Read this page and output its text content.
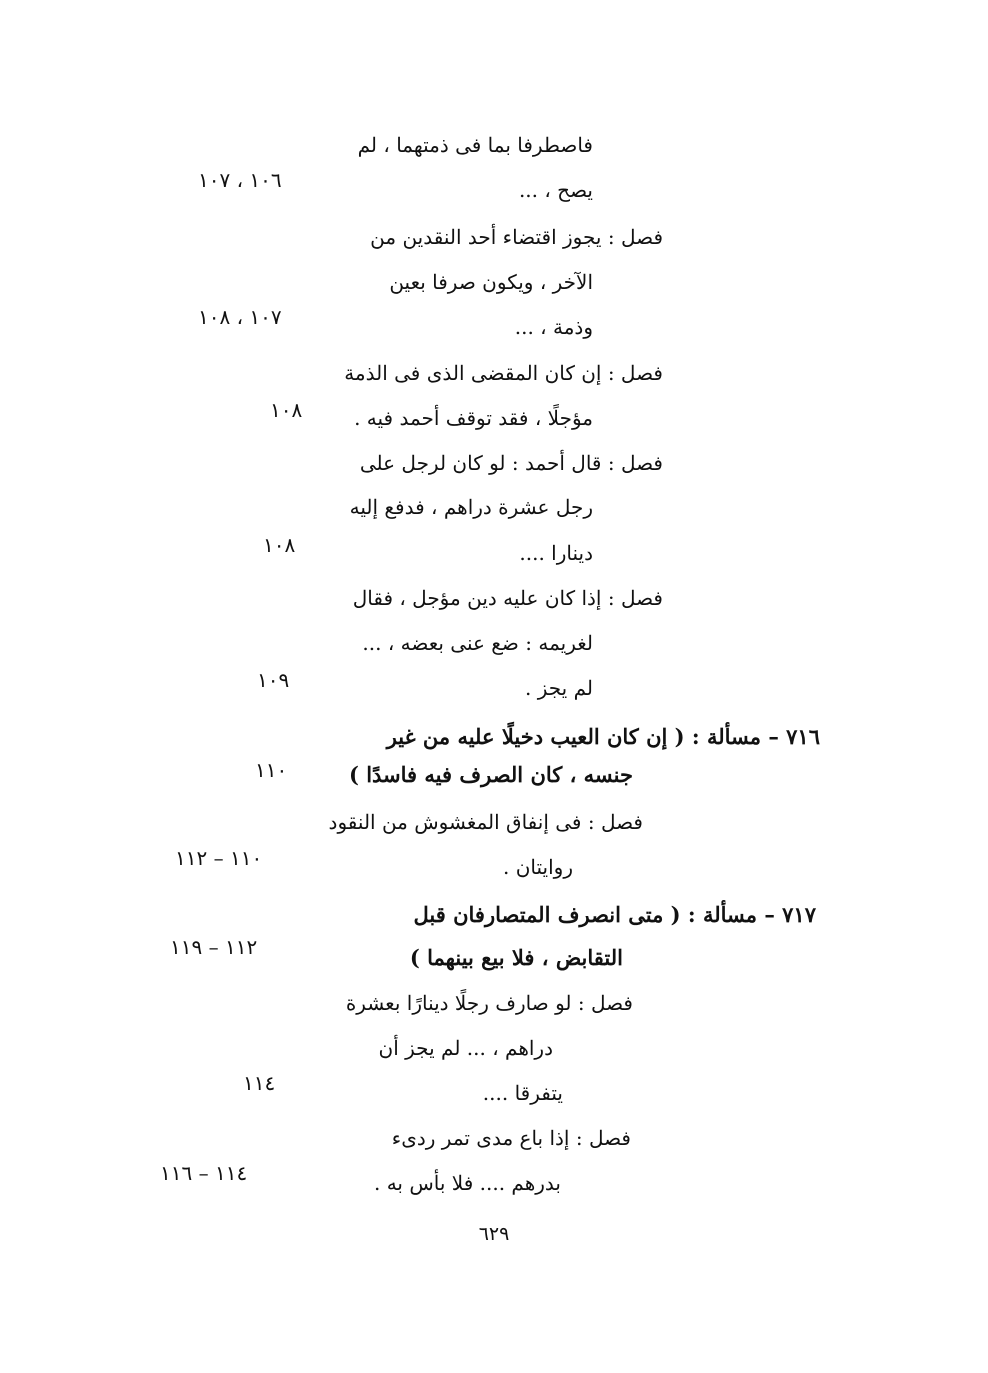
فاصطرفا بما فى ذمتهما ، لم
يصح ، ...
١٠٦ ، ١٠٧
فصل : يجوز اقتضاء أحد النقدين من
الآخر ، ويكون صرفا بعين
وذمة ، ...
١٠٧ ، ١٠٨
فصل : إن كان المقضى الذى فى الذمة
مؤجلًا ، فقد توقف أحمد فيه .
١٠٨
فصل : قال أحمد : لو كان لرجل على
رجل عشرة دراهم ، فدفع إليه
دينارا ....
١٠٨
فصل : إذا كان عليه دين مؤجل ، فقال
لغريمه : ضع عنى بعضه ، ...
لم يجز .
١٠٩
٧١٦ – مسألة : ( إن كان العيب دخيلًا عليه من غير
جنسه ، كان الصرف فيه فاسدًا )
١١٠
فصل : فى إنفاق المغشوش من النقود
روايتان .
١١٠ – ١١٢
٧١٧ – مسألة : ( متى انصرف المتصارفان قبل
التقابض ، فلا بيع بينهما )
١١٢ – ١١٩
فصل : لو صارف رجلًا دينارًا بعشرة
دراهم ، ... لم يجز أن
يتفرقا ....
١١٤
فصل : إذا باع مدى تمر ردىء
بدرهم .... فلا بأس به .
١١٤ – ١١٦
٦٢٩
